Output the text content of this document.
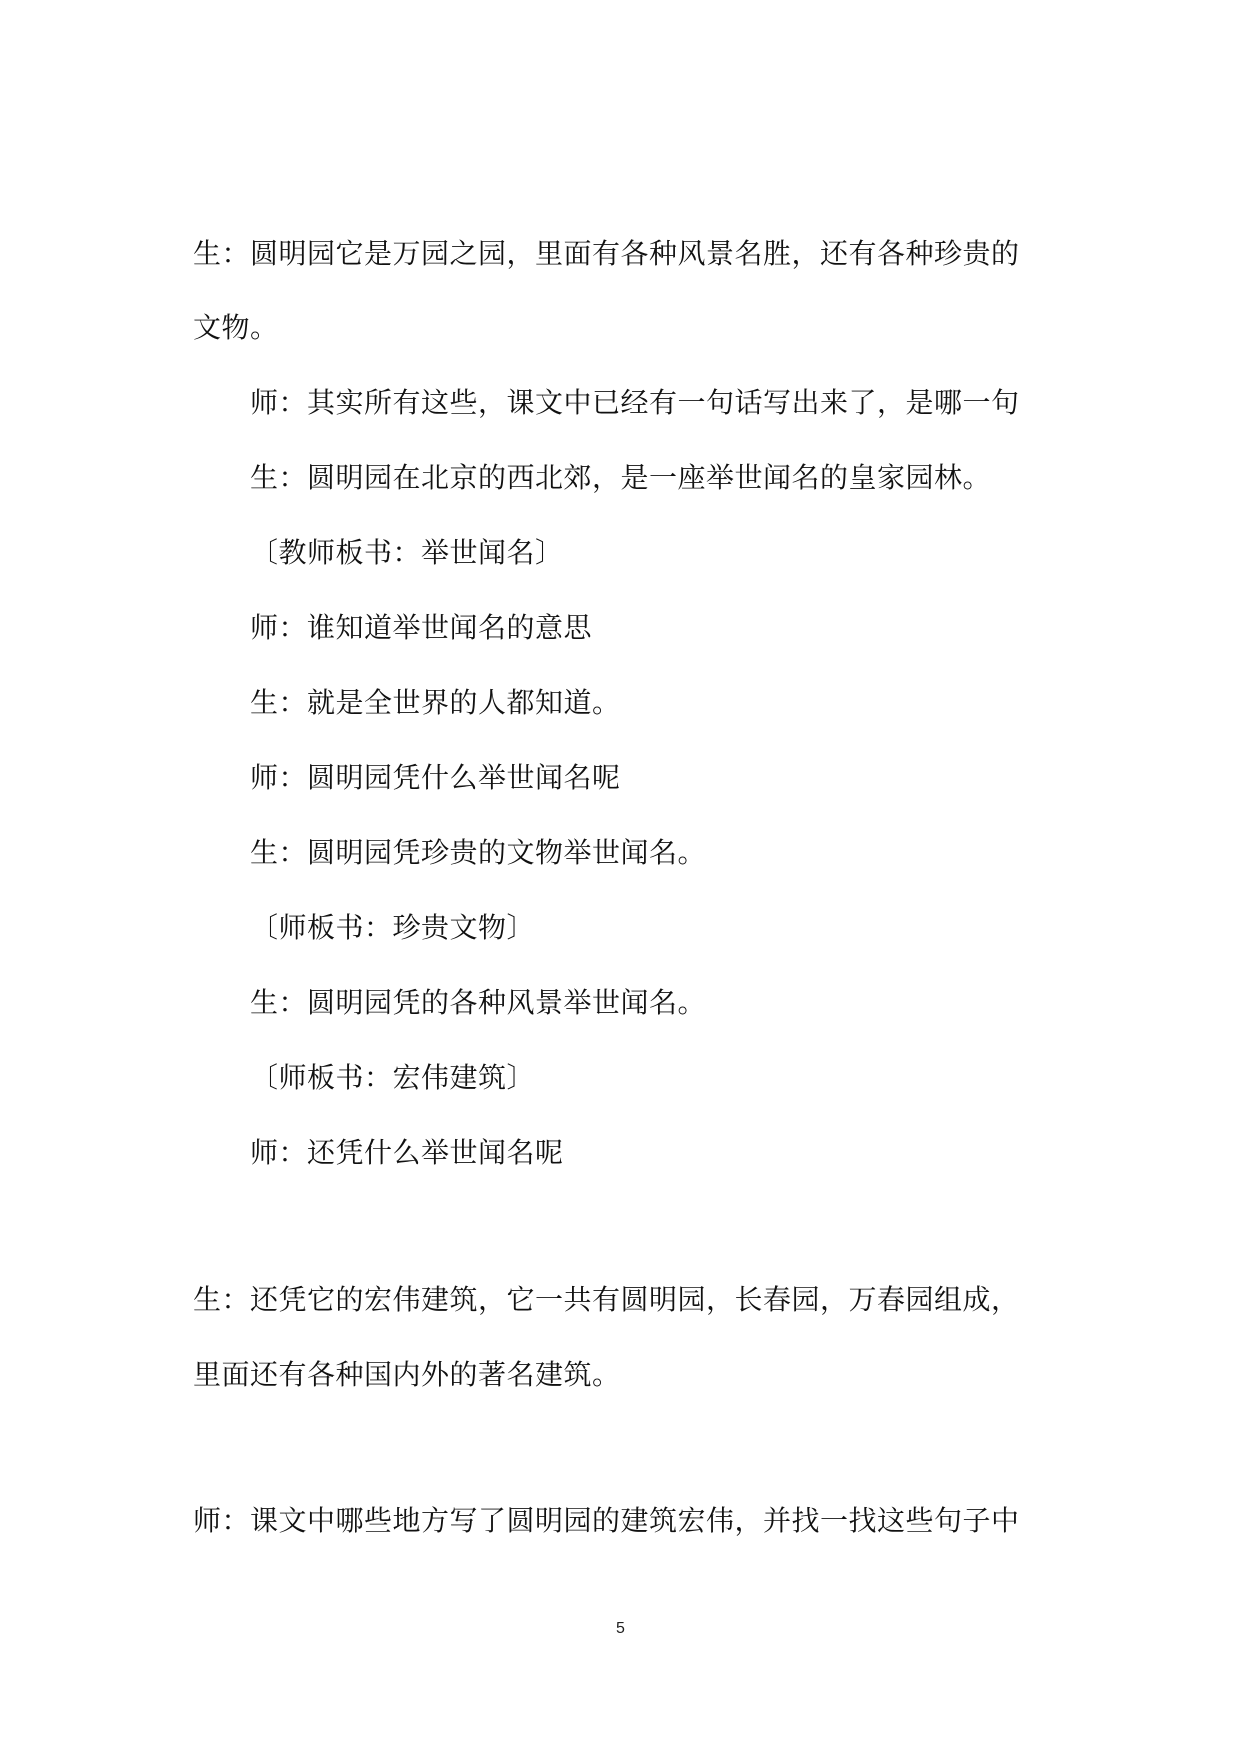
生：圆明园它是万园之园，里面有各种风景名胜，还有各种珍贵的
文物。
师：其实所有这些，课文中已经有一句话写出来了，是哪一句
生：圆明园在北京的西北郊，是一座举世闻名的皇家园林。
〔教师板书：举世闻名〕
师：谁知道举世闻名的意思
生：就是全世界的人都知道。
师：圆明园凭什么举世闻名呢
生：圆明园凭珍贵的文物举世闻名。
〔师板书：珍贵文物〕
生：圆明园凭的各种风景举世闻名。
〔师板书：宏伟建筑〕
师：还凭什么举世闻名呢
生：还凭它的宏伟建筑，它一共有圆明园，长春园，万春园组成，
里面还有各种国内外的著名建筑。
师：课文中哪些地方写了圆明园的建筑宏伟，并找一找这些句子中
5
